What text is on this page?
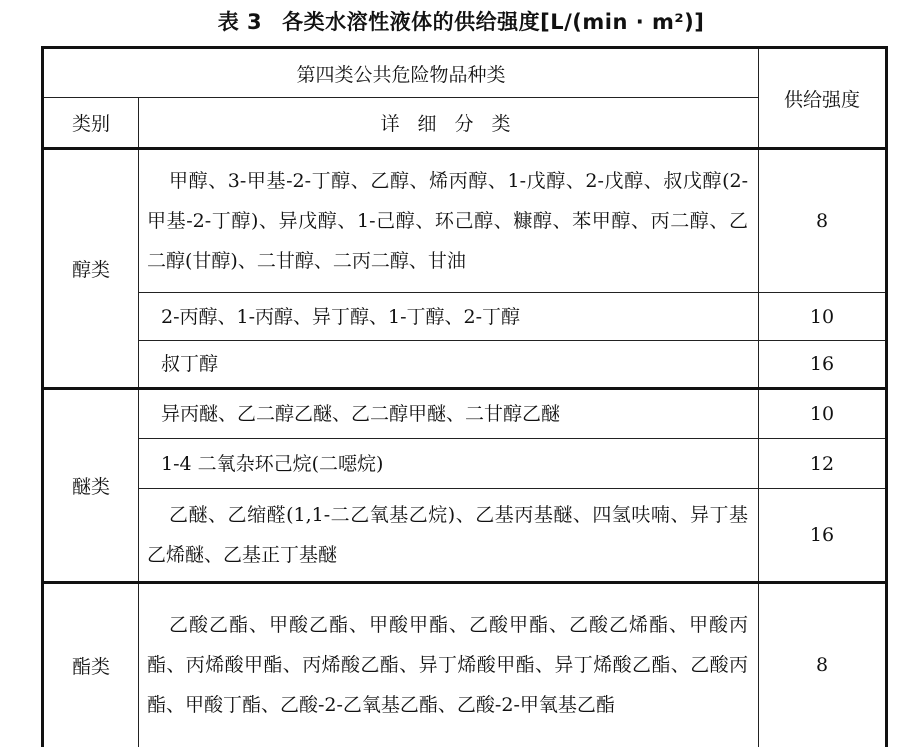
表 3 各类水溶性液体的供给强度[L/(min · m²)]
第四类公共危险物品种类		供给强度
类别	详 细 分 类	
醇类	甲醇、3-甲基-2-丁醇、乙醇、烯丙醇、1-戊醇、2-戊醇、叔戊醇(2-甲基-2-丁醇)、异戊醇、1-己醇、环己醇、糠醇、苯甲醇、丙二醇、乙二醇(甘醇)、二甘醇、二丙二醇、甘油	8
	2-丙醇、1-丙醇、异丁醇、1-丁醇、2-丁醇	10
	叔丁醇	16
醚类	异丙醚、乙二醇乙醚、乙二醇甲醚、二甘醇乙醚	10
	1-4 二氧杂环己烷(二噁烷)	12
	乙醚、乙缩醛(1,1-二乙氧基乙烷)、乙基丙基醚、四氢呋喃、异丁基乙烯醚、乙基正丁基醚	16
酯类	乙酸乙酯、甲酸乙酯、甲酸甲酯、乙酸甲酯、乙酸乙烯酯、甲酸丙酯、丙烯酸甲酯、丙烯酸乙酯、异丁烯酸甲酯、异丁烯酸乙酯、乙酸丙酯、甲酸丁酯、乙酸-2-乙氧基乙酯、乙酸-2-甲氧基乙酯	8
